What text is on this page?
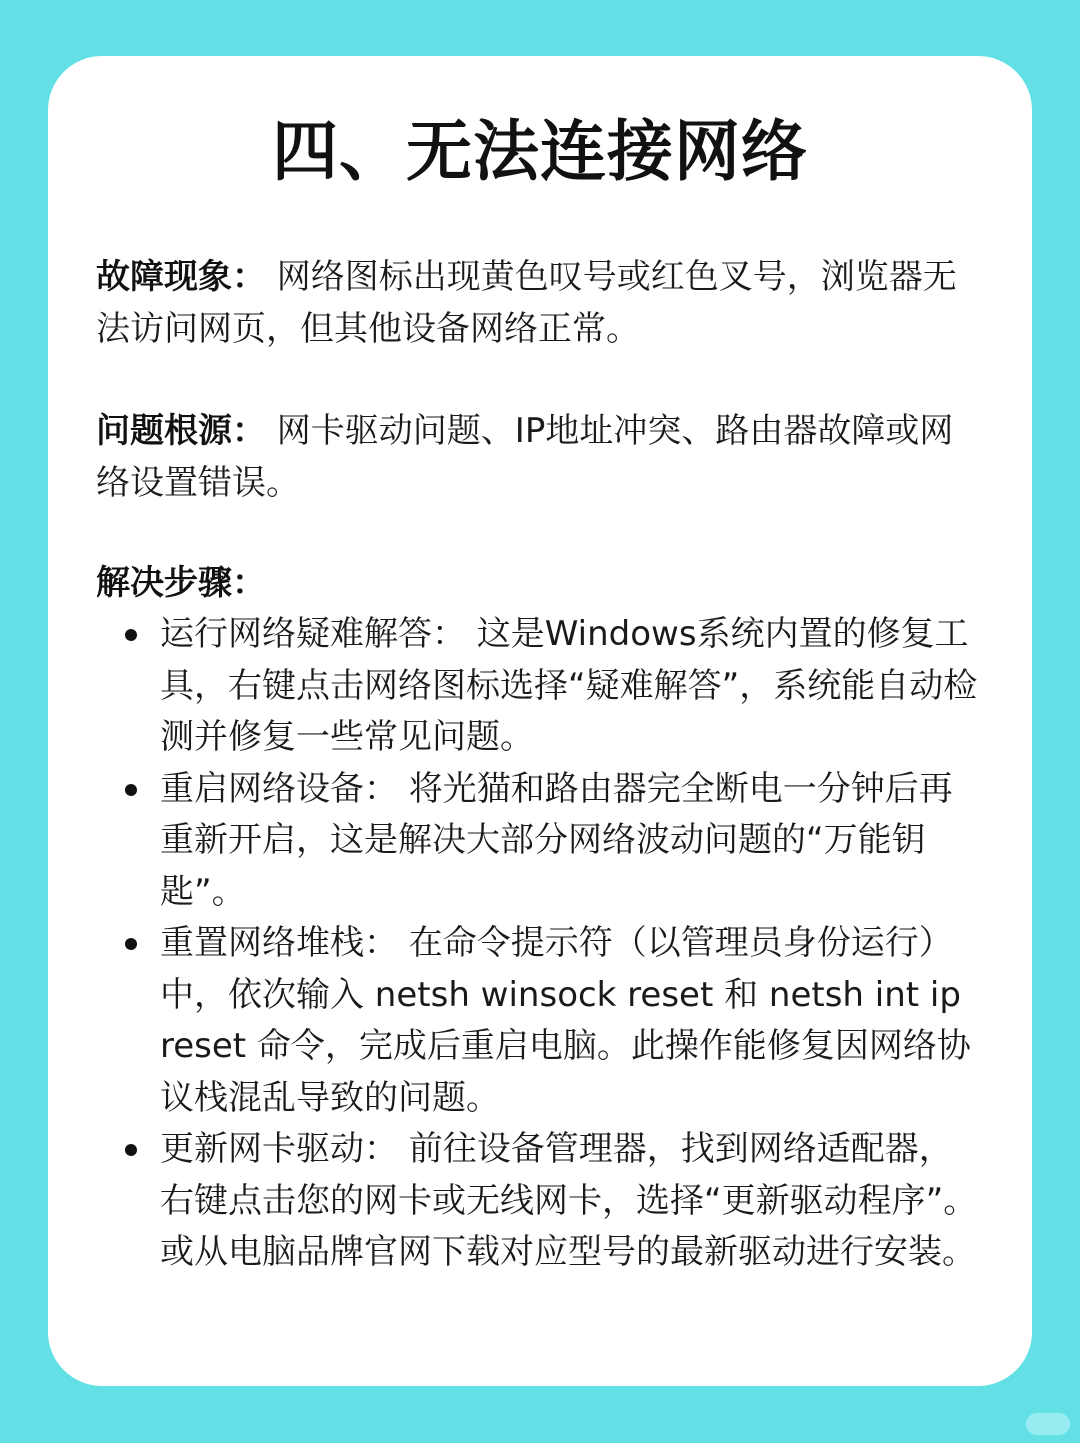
四、无法连接网络

故障现象： 网络图标出现黄色叹号或红色叉号，浏览器无法访问网页，但其他设备网络正常。

问题根源： 网卡驱动问题、IP地址冲突、路由器故障或网络设置错误。

解决步骤：

运行网络疑难解答： 这是Windows系统内置的修复工具，右键点击网络图标选择“疑难解答”，系统能自动检测并修复一些常见问题。
重启网络设备： 将光猫和路由器完全断电一分钟后再重新开启，这是解决大部分网络波动问题的“万能钥匙”。
重置网络堆栈： 在命令提示符（以管理员身份运行）中，依次输入 netsh winsock reset 和 netsh int ip reset 命令，完成后重启电脑。此操作能修复因网络协议栈混乱导致的问题。
更新网卡驱动： 前往设备管理器，找到网络适配器，右键点击您的网卡或无线网卡，选择“更新驱动程序”。或从电脑品牌官网下载对应型号的最新驱动进行安装。
